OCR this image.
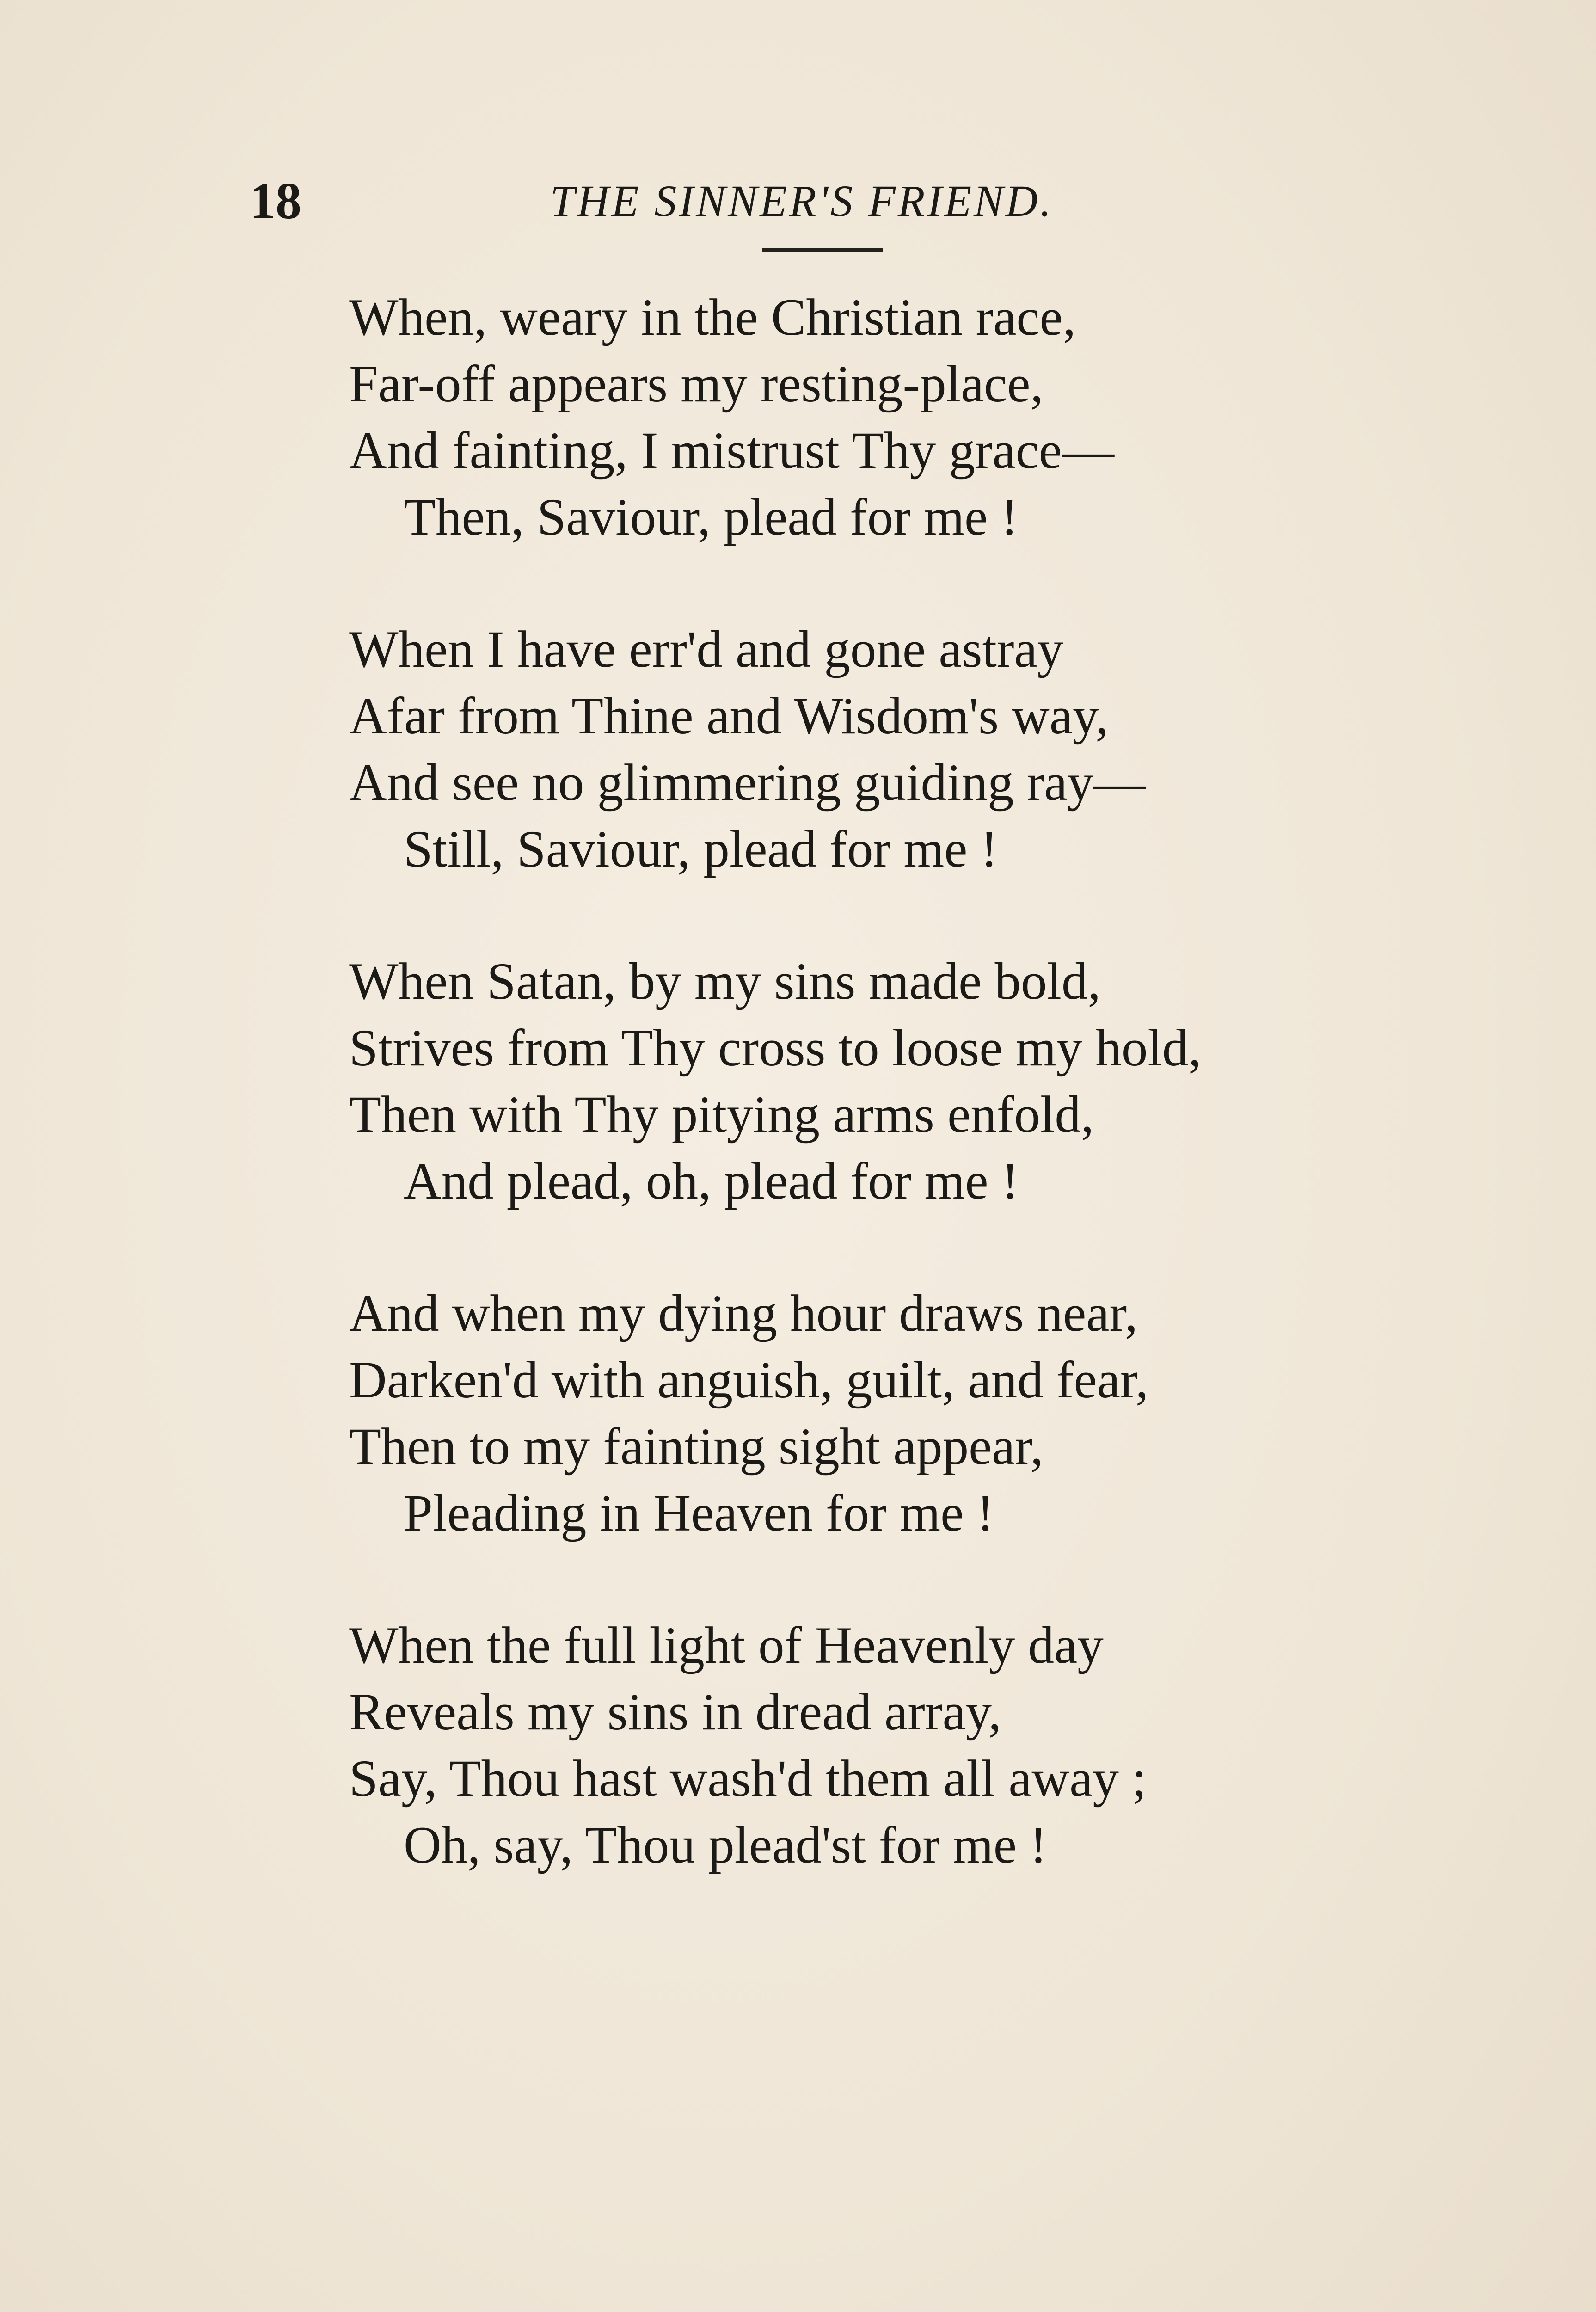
18	THE SINNER'S FRIEND.
When, weary in the Christian race,
Far-off appears my resting-place,
And fainting, I mistrust Thy grace—
Then, Saviour, plead for me !
When I have err'd and gone astray
Afar from Thine and Wisdom's way,
And see no glimmering guiding ray—
Still, Saviour, plead for me !
When Satan, by my sins made bold,
Strives from Thy cross to loose my hold,
Then with Thy pitying arms enfold,
And plead, oh, plead for me !
And when my dying hour draws near,
Darken'd with anguish, guilt, and fear,
Then to my fainting sight appear,
Pleading in Heaven for me !
When the full light of Heavenly day
Reveals my sins in dread array,
Say, Thou hast wash'd them all away ;
Oh, say, Thou plead'st for me !
